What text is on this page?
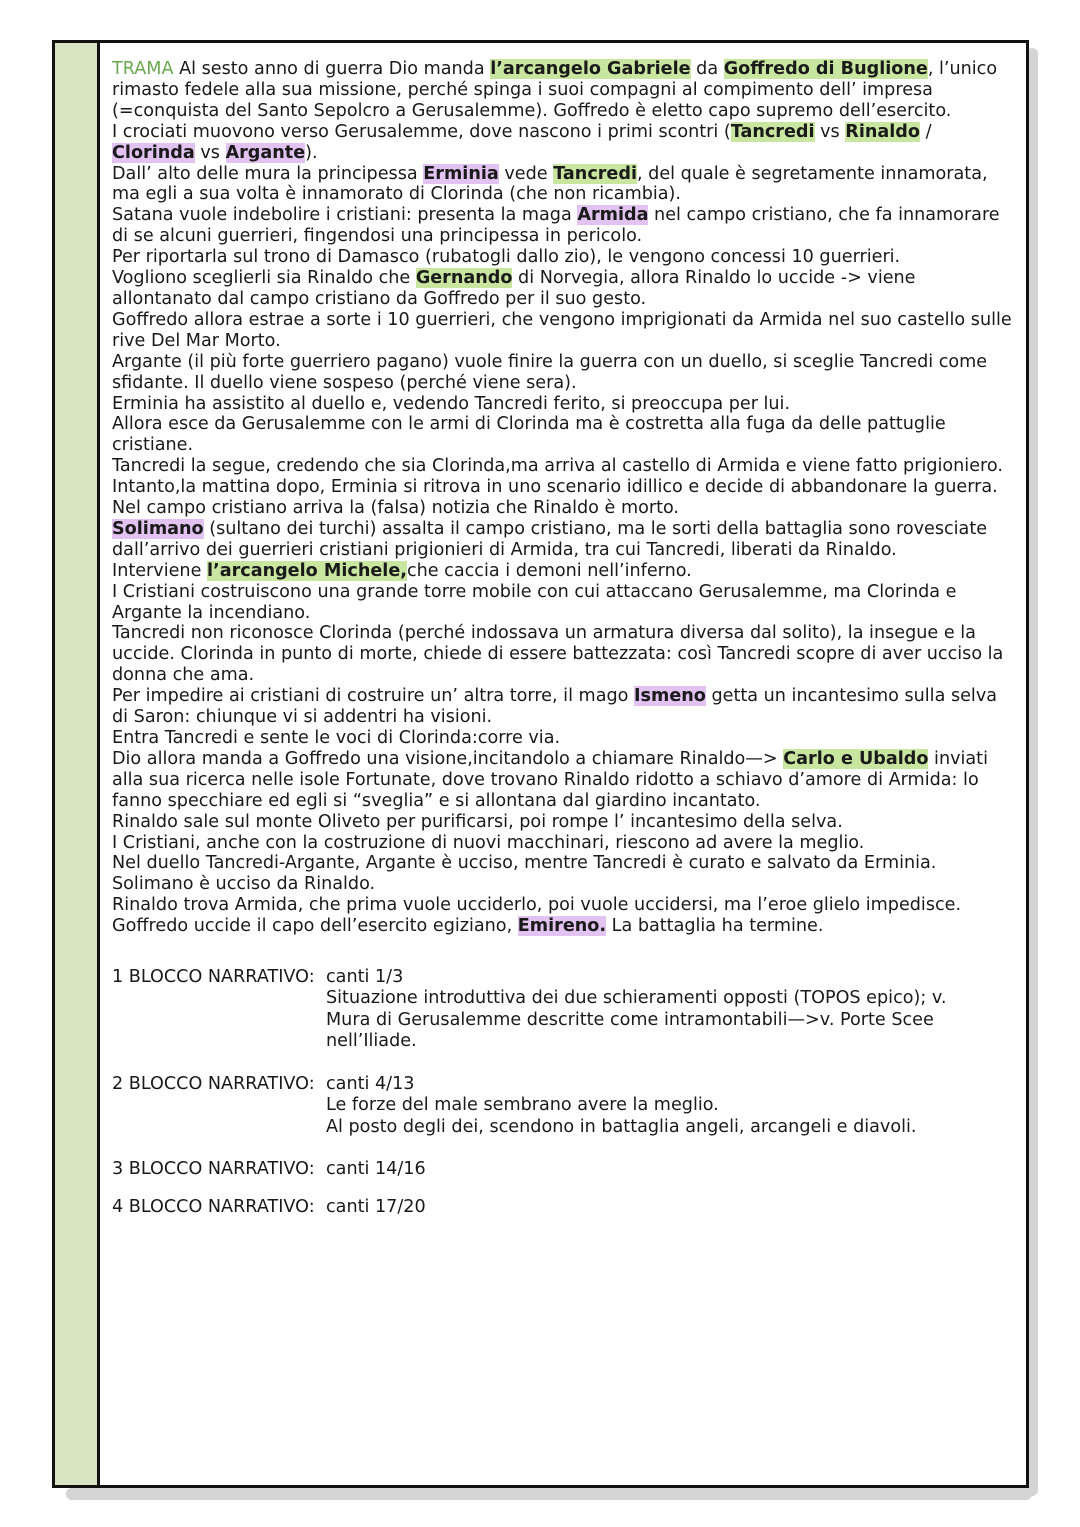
TRAMA Al sesto anno di guerra Dio manda l’arcangelo Gabriele da Goffredo di Buglione, l’unico rimasto fedele alla sua missione, perché spinga i suoi compagni al compimento dell’ impresa (=conquista del Santo Sepolcro a Gerusalemme). Goffredo è eletto capo supremo dell’esercito.

I crociati muovono verso Gerusalemme, dove nascono i primi scontri (Tancredi vs Rinaldo / Clorinda vs Argante).

Dall’ alto delle mura la principessa Erminia vede Tancredi, del quale è segretamente innamorata, ma egli a sua volta è innamorato di Clorinda (che non ricambia).

Satana vuole indebolire i cristiani: presenta la maga Armida nel campo cristiano, che fa innamorare di se alcuni guerrieri, fingendosi una principessa in pericolo.

Per riportarla sul trono di Damasco (rubatogli dallo zio), le vengono concessi 10 guerrieri.

Vogliono sceglierli sia Rinaldo che Gernando di Norvegia, allora Rinaldo lo uccide -> viene allontanato dal campo cristiano da Goffredo per il suo gesto.

Goffredo allora estrae a sorte i 10 guerrieri, che vengono imprigionati da Armida nel suo castello sulle rive Del Mar Morto.

Argante (il più forte guerriero pagano) vuole finire la guerra con un duello, si sceglie Tancredi come sfidante. Il duello viene sospeso (perché viene sera).

Erminia ha assistito al duello e, vedendo Tancredi ferito, si preoccupa per lui.

Allora esce da Gerusalemme con le armi di Clorinda ma è costretta alla fuga da delle pattuglie cristiane.

Tancredi la segue, credendo che sia Clorinda,ma arriva al castello di Armida e viene fatto prigioniero.

Intanto,la mattina dopo, Erminia si ritrova in uno scenario idillico e decide di abbandonare la guerra.

Nel campo cristiano arriva la (falsa) notizia che Rinaldo è morto.

Solimano (sultano dei turchi) assalta il campo cristiano, ma le sorti della battaglia sono rovesciate dall’arrivo dei guerrieri cristiani prigionieri di Armida, tra cui Tancredi, liberati da Rinaldo.

Interviene l’arcangelo Michele,che caccia i demoni nell’inferno.

I Cristiani costruiscono una grande torre mobile con cui attaccano Gerusalemme, ma Clorinda e Argante la incendiano.

Tancredi non riconosce Clorinda (perché indossava un armatura diversa dal solito), la insegue e la uccide. Clorinda in punto di morte, chiede di essere battezzata: così Tancredi scopre di aver ucciso la donna che ama.

Per impedire ai cristiani di costruire un’ altra torre, il mago Ismeno getta un incantesimo sulla selva di Saron: chiunque vi si addentri ha visioni.

Entra Tancredi e sente le voci di Clorinda:corre via.

Dio allora manda a Goffredo una visione,incitandolo a chiamare Rinaldo—> Carlo e Ubaldo inviati alla sua ricerca nelle isole Fortunate, dove trovano Rinaldo ridotto a schiavo d’amore di Armida: lo fanno specchiare ed egli si “sveglia” e si allontana dal giardino incantato.

Rinaldo sale sul monte Oliveto per purificarsi, poi rompe l’ incantesimo della selva.

I Cristiani, anche con la costruzione di nuovi macchinari, riescono ad avere la meglio.

Nel duello Tancredi-Argante, Argante è ucciso, mentre Tancredi è curato e salvato da Erminia.

Solimano è ucciso da Rinaldo.

Rinaldo trova Armida, che prima vuole ucciderlo, poi vuole uccidersi, ma l’eroe glielo impedisce.

Goffredo uccide il capo dell’esercito egiziano, Emireno. La battaglia ha termine.

1 BLOCCO NARRATIVO: canti 1/3
Situazione introduttiva dei due schieramenti opposti (TOPOS epico); v.
Mura di Gerusalemme descritte come intramontabili—>v. Porte Scee
nell’Iliade.
2 BLOCCO NARRATIVO: canti 4/13
Le forze del male sembrano avere la meglio.
Al posto degli dei, scendono in battaglia angeli, arcangeli e diavoli.
3 BLOCCO NARRATIVO: canti 14/16
4 BLOCCO NARRATIVO: canti 17/20
